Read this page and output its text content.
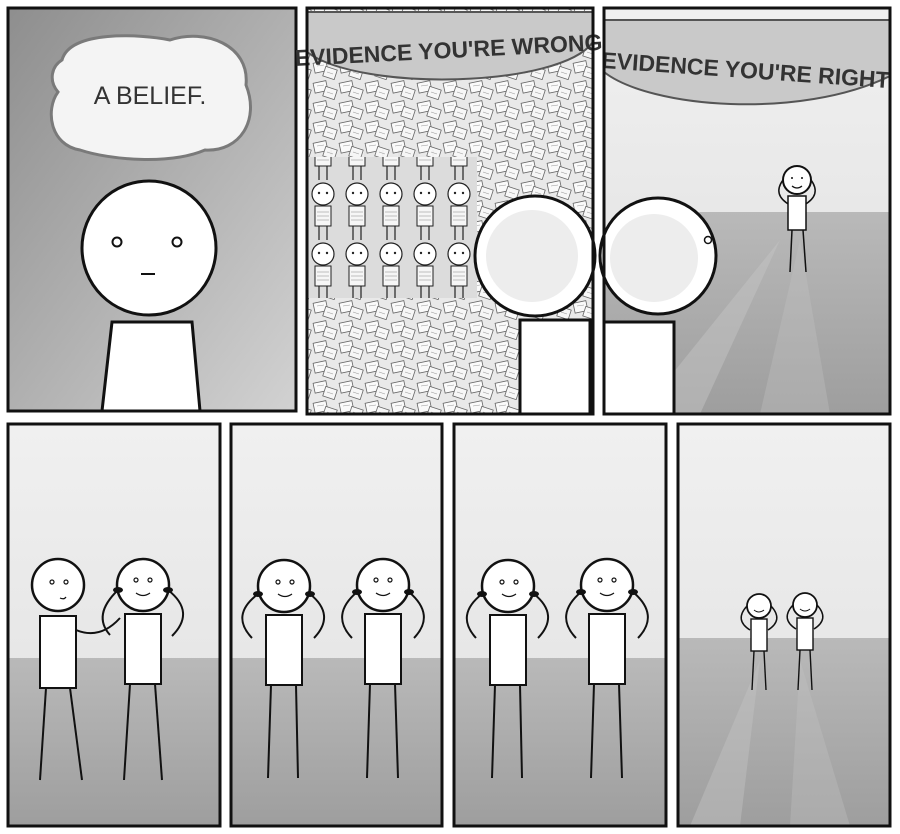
A BELIEF.
EVIDENCE YOU'RE WRONG
EVIDENCE YOU'RE RIGHT
